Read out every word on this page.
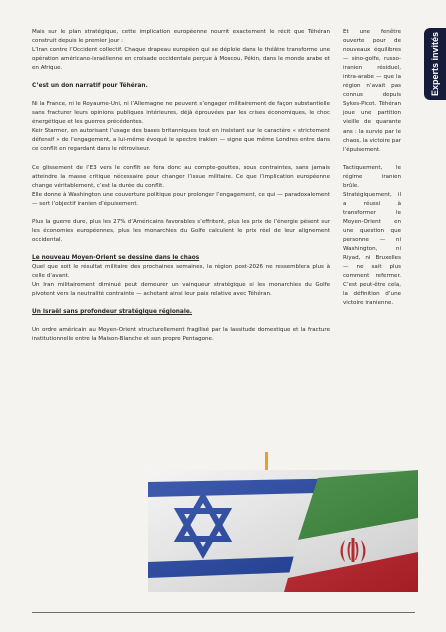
Mais sur le plan stratégique, cette implication européenne nourrit exactement le récit que Téhéran construit depuis le premier jour :

L’Iran contre l’Occident collectif. Chaque drapeau européen qui se déploie dans le théâtre transforme une opération américano-israélienne en croisade occidentale perçue à Moscou, Pékin, dans le monde arabe et en Afrique.

C’est un don narratif pour Téhéran.

Ni la France, ni le Royaume-Uni, ni l’Allemagne ne peuvent s’engager militairement de façon substantielle sans fracturer leurs opinions publiques intérieures, déjà éprouvées par les crises économiques, le choc énergétique et les guerres précédentes.

Keir Starmer, en autorisant l’usage des bases britanniques tout en insistant sur le caractère « strictement défensif » de l’engagement, a lui-même évoqué le spectre irakien — signe que même Londres entre dans ce conflit en regardant dans le rétroviseur.

Ce glissement de l’E3 vers le conflit se fera donc au compte-gouttes, sous contraintes, sans jamais atteindre la masse critique nécessaire pour changer l’issue militaire. Ce que l’implication européenne change véritablement, c’est la durée du conflit.

Elle donne à Washington une couverture politique pour prolonger l’engagement, ce qui — paradoxalement — sert l’objectif iranien d’épuisement.

Plus la guerre dure, plus les 27% d’Américains favorables s’effritent, plus les prix de l’énergie pèsent sur les économies européennes, plus les monarchies du Golfe calculent le prix réel de leur alignement occidental.

Le nouveau Moyen-Orient se dessine dans le chaos

Quel que soit le résultat militaire des prochaines semaines, la région post-2026 ne ressemblera plus à celle d’avant.

Un Iran militairement diminué peut demeurer un vainqueur stratégique si les monarchies du Golfe pivotent vers la neutralité contrainte — achetant ainsi leur paix relative avec Téhéran.

Un Israël sans profondeur stratégique régionale.

Un ordre américain au Moyen-Orient structurellement fragilisé par la lassitude domestique et la fracture institutionnelle entre la Maison-Blanche et son propre Pentagone.

Et une fenêtre ouverte pour de nouveaux équilibres — sino-golfe, russo-iranien résiduel, intra-arabe — que la région n’avait pas connus depuis Sykes-Picot. Téhéran joue une partition vieille de quarante ans : la survie par le chaos, la victoire par l’épuisement.

Tactiquement, le régime iranien brûle. Stratégiquement, il a réussi à transformer le Moyen-Orient en une question que personne — ni Washington, ni Riyad, ni Bruxelles — ne sait plus comment refermer. C’est peut-être cela, la définition d’une victoire iranienne.

Experts invités
